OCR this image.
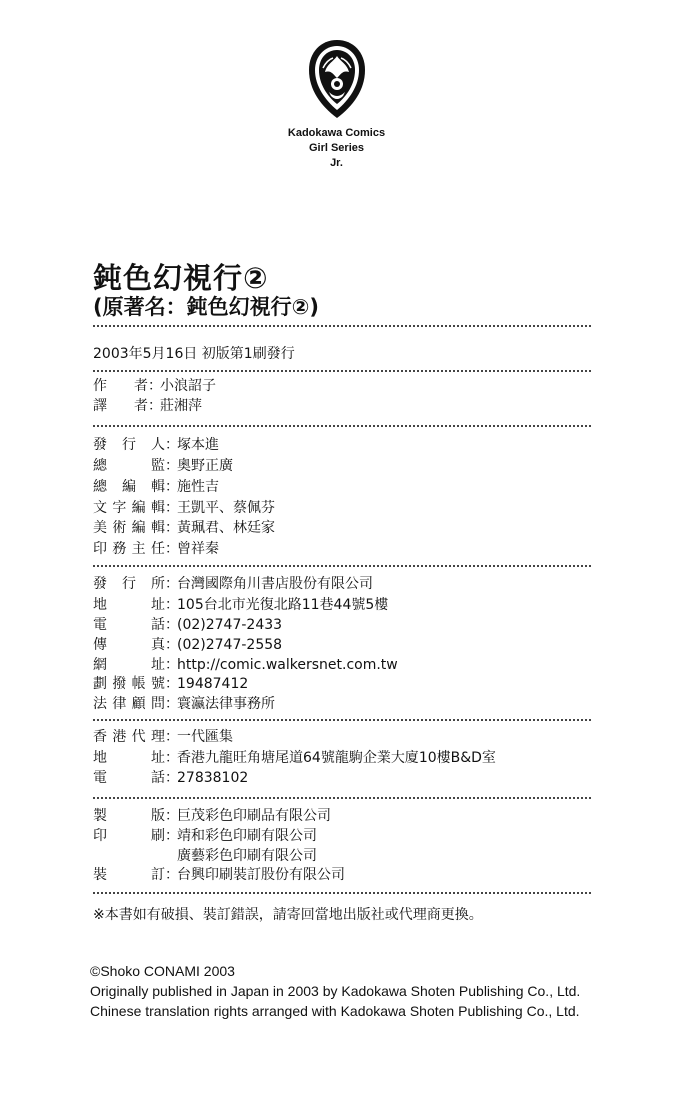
Kadokawa Comics
Girl Series
Jr.
鈍色幻視行②
(原著名：鈍色幻視行②)
2003年5月16日 初版第1刷發行
作者：小浪詔子
譯者：莊湘萍
發行人：塚本進
總監：奧野正廣
總編輯：施性吉
文字編輯：王凱平、蔡佩芬
美術編輯：黃珮君、林廷家
印務主任：曾祥秦
發行所：台灣國際角川書店股份有限公司
地址：105台北市光復北路11巷44號5樓
電話：(02)2747-2433
傳真：(02)2747-2558
網址：http://comic.walkersnet.com.tw
劃撥帳號：19487412
法律顧問：寰瀛法律事務所
香港代理：一代匯集
地址：香港九龍旺角塘尾道64號龍駒企業大廈10樓B&D室
電話：27838102
製版：巨茂彩色印刷品有限公司
印刷：靖和彩色印刷有限公司
廣藝彩色印刷有限公司
裝訂：台興印刷裝訂股份有限公司
※本書如有破損、裝訂錯誤，請寄回當地出版社或代理商更換。
©Shoko CONAMI 2003
Originally published in Japan in 2003 by Kadokawa Shoten Publishing Co., Ltd.
Chinese translation rights arranged with Kadokawa Shoten Publishing Co., Ltd.
